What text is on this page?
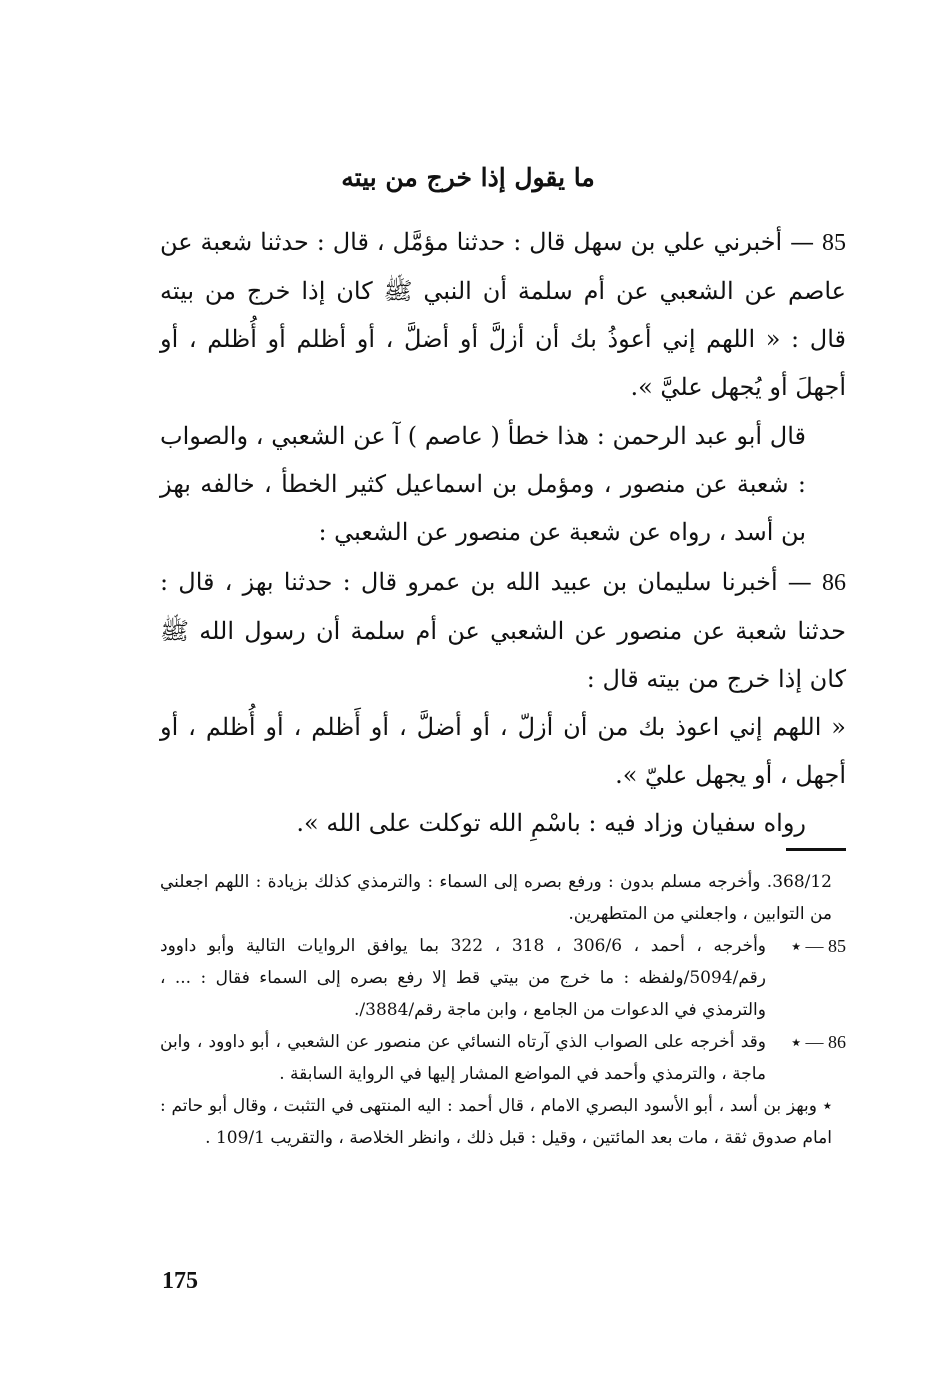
ما يقول إذا خرج من بيته

85 — أخبرني علي بن سهل قال : حدثنا مؤمَّل ، قال : حدثنا شعبة عن عاصم عن الشعبي عن أم سلمة أن النبي ﷺ كان إذا خرج من بيته قال : « اللهم إني أعوذُ بك أن أزلَّ أو أضلَّ ، أو أظلم أو أُظلم ، أو أجهلَ أو يُجهل عليَّ ».

قال أبو عبد الرحمن : هذا خطأ ( عاصم ) آ عن الشعبي ، والصواب : شعبة عن منصور ، ومؤمل بن اسماعيل كثير الخطأ ، خالفه بهز بن أسد ، رواه عن شعبة عن منصور عن الشعبي :

86 — أخبرنا سليمان بن عبيد الله بن عمرو قال : حدثنا بهز ، قال : حدثنا شعبة عن منصور عن الشعبي عن أم سلمة أن رسول الله ﷺ كان إذا خرج من بيته قال :

« اللهم إني اعوذ بك من أن أزلّ ، أو أضلَّ ، أو أَظلم ، أو أُظلم ، أو أجهل ، أو يجهل عليّ ».

رواه سفيان وزاد فيه : باسْمِ الله توكلت على الله ».

368/12. وأخرجه مسلم بدون : ورفع بصره إلى السماء : والترمذي كذلك بزيادة : اللهم اجعلني من التوابين ، واجعلني من المتطهرين.

85 — ٭
وأخرجه ، أحمد ، 306/6 ، 318 ، 322 بما يوافق الروايات التالية وأبو داوود رقم/5094/ولفظه : ما خرج من بيتي قط إلا رفع بصره إلى السماء فقال : ... ، والترمذي في الدعوات من الجامع ، وابن ماجة رقم/3884/.
86 — ٭
وقد أخرجه على الصواب الذي آرتاه النسائي عن منصور عن الشعبي ، أبو داوود ، وابن ماجة ، والترمذي وأحمد في المواضع المشار إليها في الرواية السابقة .

٭ وبهز بن أسد ، أبو الأسود البصري الامام ، قال أحمد : اليه المنتهى في التثبت ، وقال أبو حاتم : امام صدوق ثقة ، مات بعد المائتين ، وقيل : قبل ذلك ، وانظر الخلاصة ، والتقريب 109/1 .

175
